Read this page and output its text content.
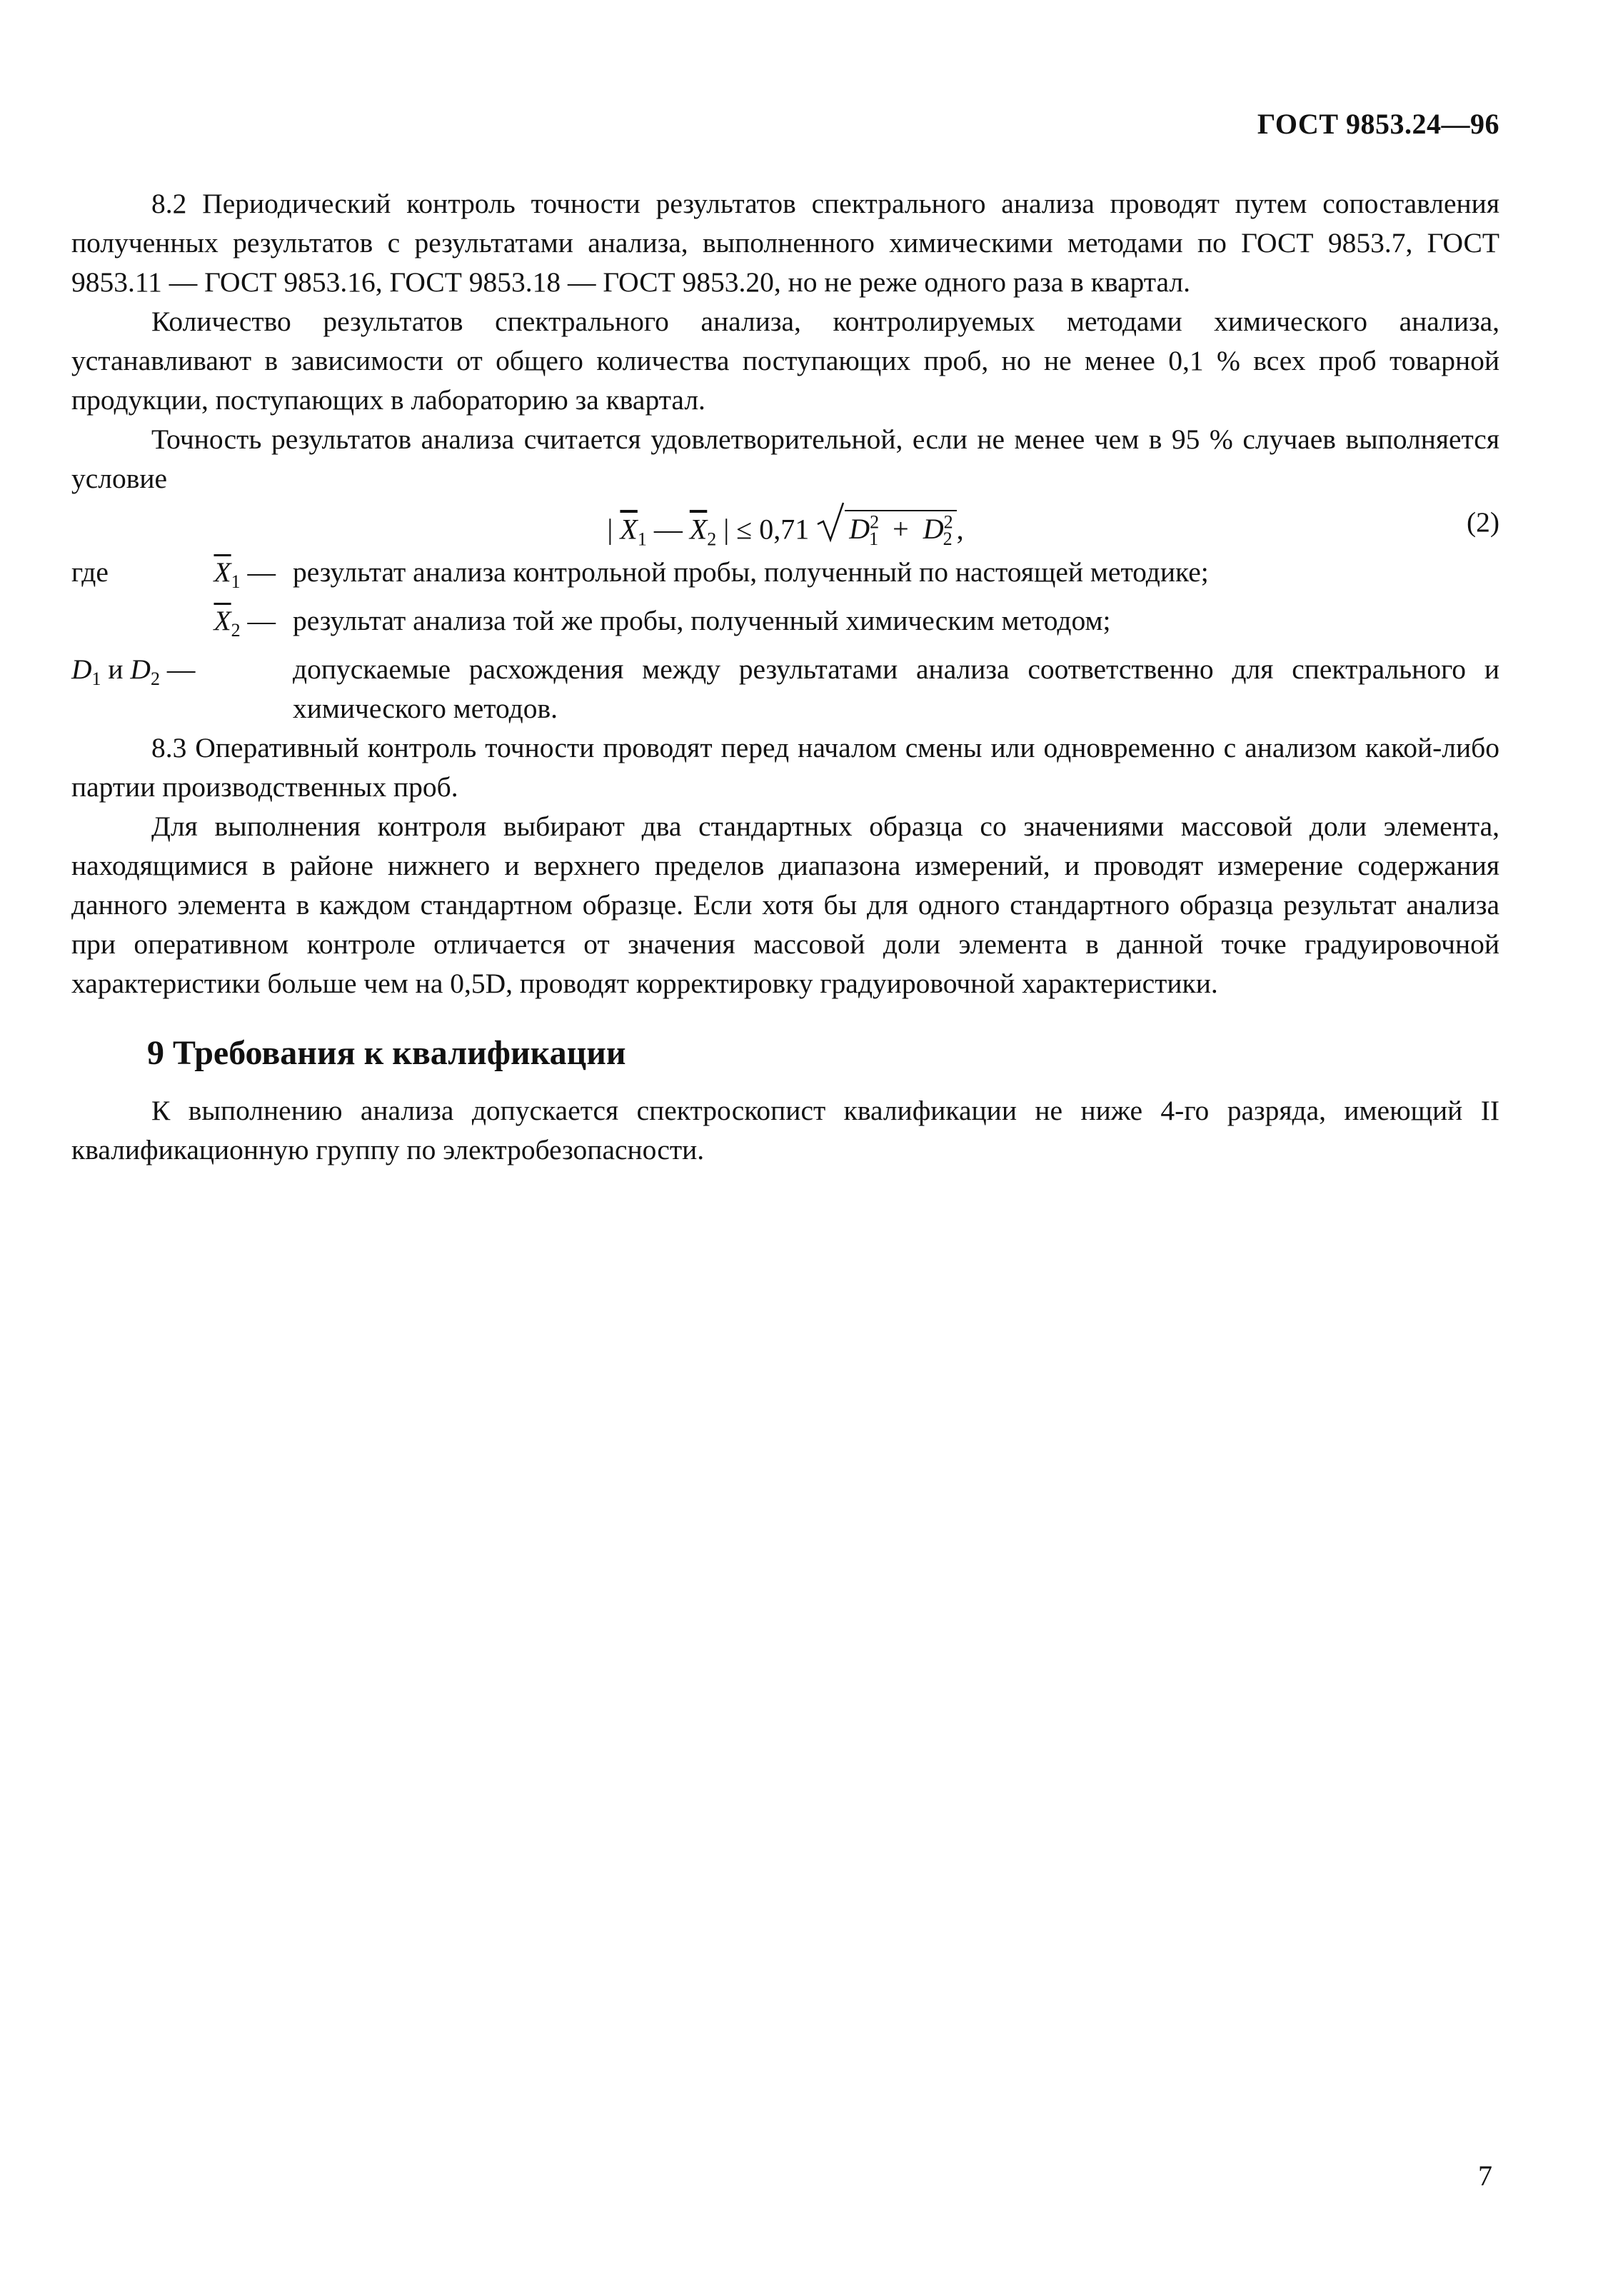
ГОСТ 9853.24—96

8.2 Периодический контроль точности результатов спектрального анализа проводят путем сопоставления полученных результатов с результатами анализа, выполненного химическими методами по ГОСТ 9853.7, ГОСТ 9853.11 — ГОСТ 9853.16, ГОСТ 9853.18 — ГОСТ 9853.20, но не реже одного раза в квартал.

Количество результатов спектрального анализа, контролируемых методами химического анализа, устанавливают в зависимости от общего количества поступающих проб, но не менее 0,1 % всех проб товарной продукции, поступающих в лабораторию за квартал.

Точность результатов анализа считается удовлетворительной, если не менее чем в 95 % случаев выполняется условие

| $\overline{X}_1$ — $\overline{X}_2$ | ≤ 0,71 $D^2_1 + D^2_2$ ,	(2)
где	$\overline{X}_1$ — результат анализа контрольной пробы, полученный по настоящей методике;
$\overline{X}_2$ — результат анализа той же пробы, полученный химическим методом;
$D_1$ и $D_2$ —	допускаемые расхождения между результатами анализа соответственно для спектрального и химического методов.

8.3 Оперативный контроль точности проводят перед началом смены или одновременно с анализом какой-либо партии производственных проб.

Для выполнения контроля выбирают два стандартных образца со значениями массовой доли элемента, находящимися в районе нижнего и верхнего пределов диапазона измерений, и проводят измерение содержания данного элемента в каждом стандартном образце. Если хотя бы для одного стандартного образца результат анализа при оперативном контроле отличается от значения массовой доли элемента в данной точке градуировочной характеристики больше чем на 0,5D, проводят корректировку градуировочной характеристики.

9 Требования к квалификации

К выполнению анализа допускается спектроскопист квалификации не ниже 4-го разряда, имеющий II квалификационную группу по электробезопасности.

7
